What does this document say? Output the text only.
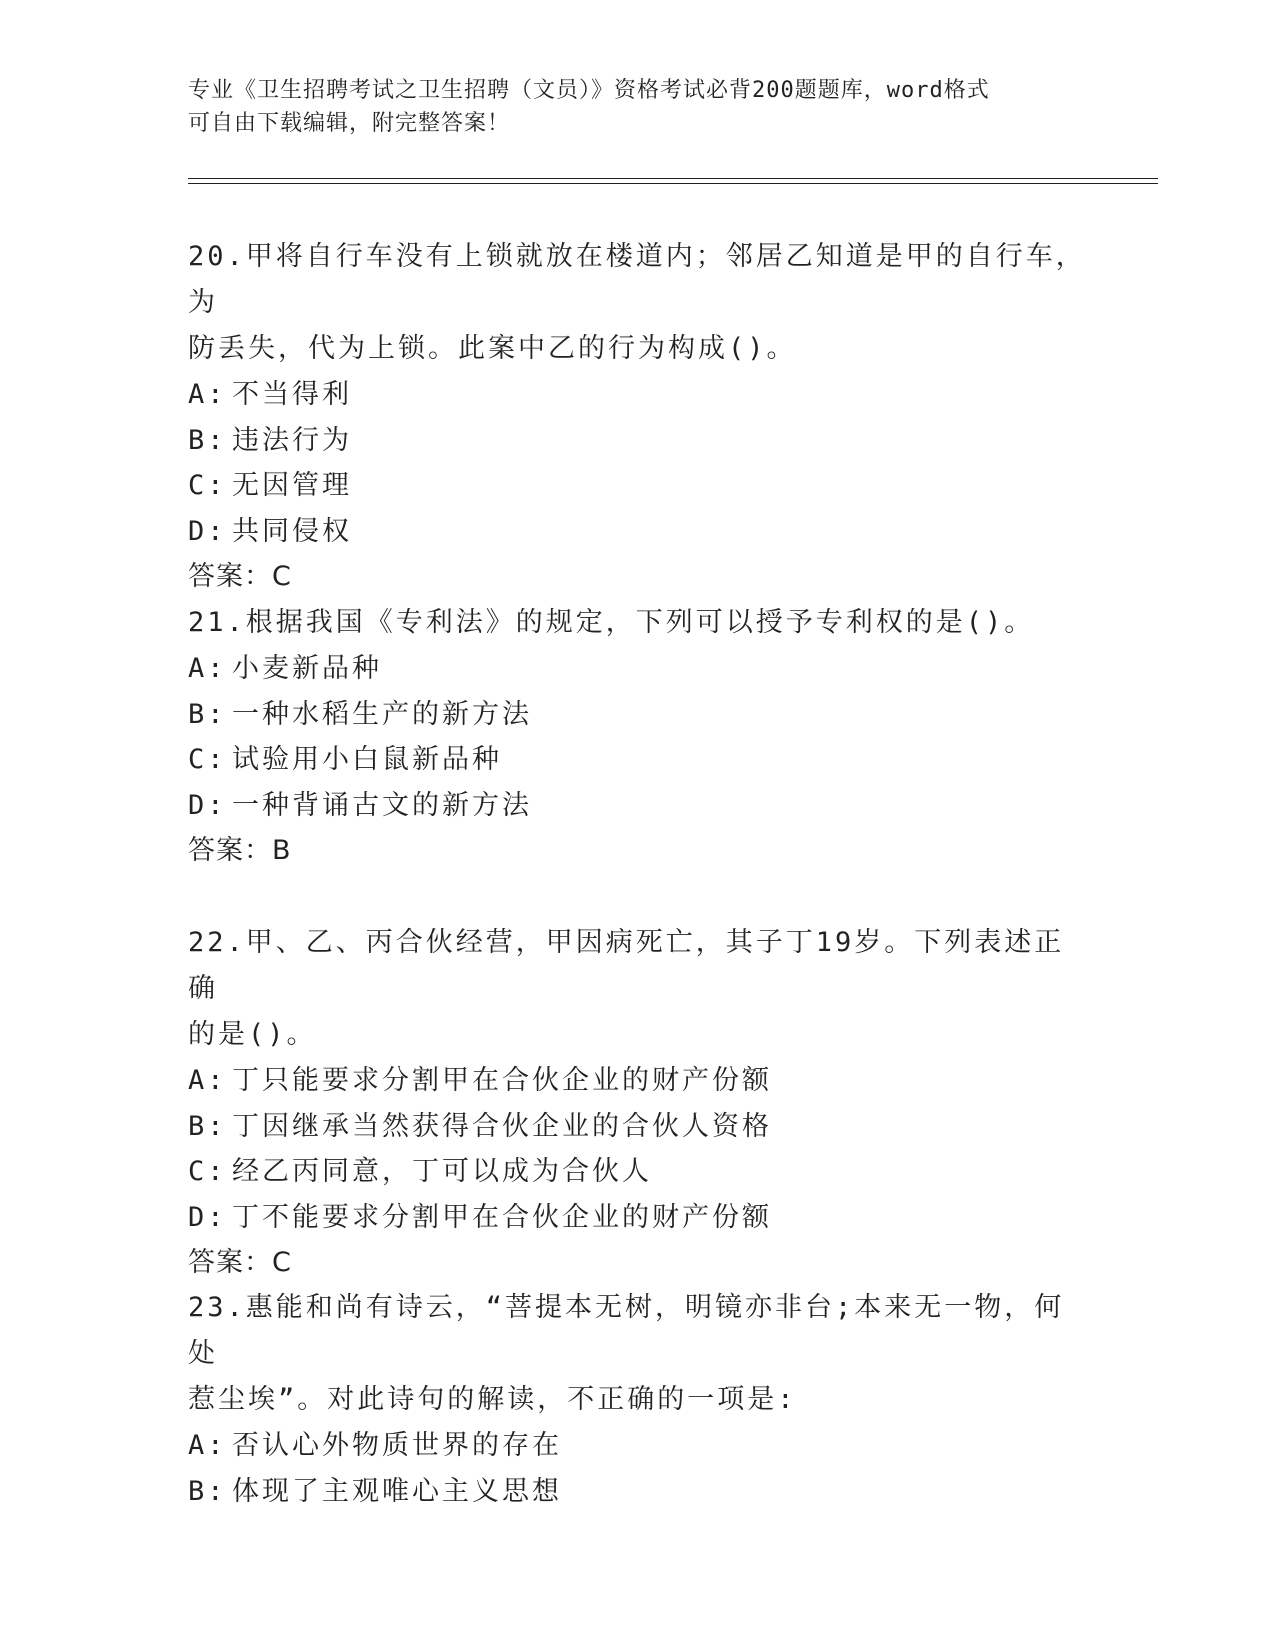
专业《卫生招聘考试之卫生招聘（文员）》资格考试必背200题题库，word格式
可自由下载编辑，附完整答案！

20.甲将自行车没有上锁就放在楼道内；邻居乙知道是甲的自行车，为

防丢失，代为上锁。此案中乙的行为构成()。

A: 不当得利

B: 违法行为

C: 无因管理

D: 共同侵权

答案：C

21.根据我国《专利法》的规定，下列可以授予专利权的是()。

A: 小麦新品种

B: 一种水稻生产的新方法

C: 试验用小白鼠新品种

D: 一种背诵古文的新方法

答案：B

22.甲、乙、丙合伙经营，甲因病死亡，其子丁19岁。下列表述正确

的是()。

A: 丁只能要求分割甲在合伙企业的财产份额

B: 丁因继承当然获得合伙企业的合伙人资格

C: 经乙丙同意，丁可以成为合伙人

D: 丁不能要求分割甲在合伙企业的财产份额

答案：C

23.惠能和尚有诗云，“菩提本无树，明镜亦非台;本来无一物，何处

惹尘埃”。对此诗句的解读，不正确的一项是:

A: 否认心外物质世界的存在

B: 体现了主观唯心主义思想
